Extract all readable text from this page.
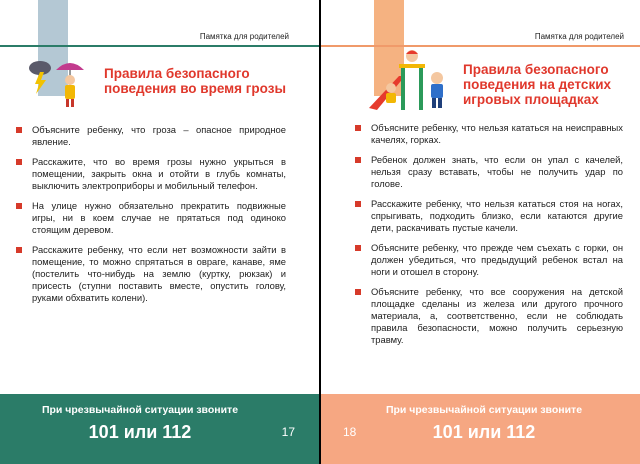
Памятка для родителей
Правила безопасного
поведения во время грозы
Объясните ребенку, что гроза – опасное природное явление.
Расскажите, что во время грозы нужно укрыться в помещении, закрыть окна и отойти в глубь комнаты, выключить электроприборы и мобильный телефон.
На улице нужно обязательно прекратить подвижные игры, ни в коем случае не прятаться под одиноко стоящим деревом.
Расскажите ребенку, что если нет возможности зайти в помещение, то можно спрятаться в овраге, канаве, яме (постелить что-нибудь на землю (куртку, рюкзак) и присесть (ступни поставить вместе, опустить голову, руками обхватить колени).
При чрезвычайной ситуации звоните
101 или 112	17
Памятка для родителей
Правила безопасного
поведения на детских
игровых площадках
Объясните ребенку, что нельзя кататься на неисправных качелях, горках.
Ребенок должен знать, что если он упал с качелей, нельзя сразу вставать, чтобы не получить удар по голове.
Расскажите ребенку, что нельзя кататься стоя на ногах, спрыгивать, подходить близко, если катаются другие дети, раскачивать пустые качели.
Объясните ребенку, что прежде чем съехать с горки, он должен убедиться, что предыдущий ребенок встал на ноги и отошел в сторону.
Объясните ребенку, что все сооружения на детской площадке сделаны из железа или другого прочного материала, а, соответственно, если не соблюдать правила безопасности, можно получить серьезную травму.
18
При чрезвычайной ситуации звоните
101 или 112
